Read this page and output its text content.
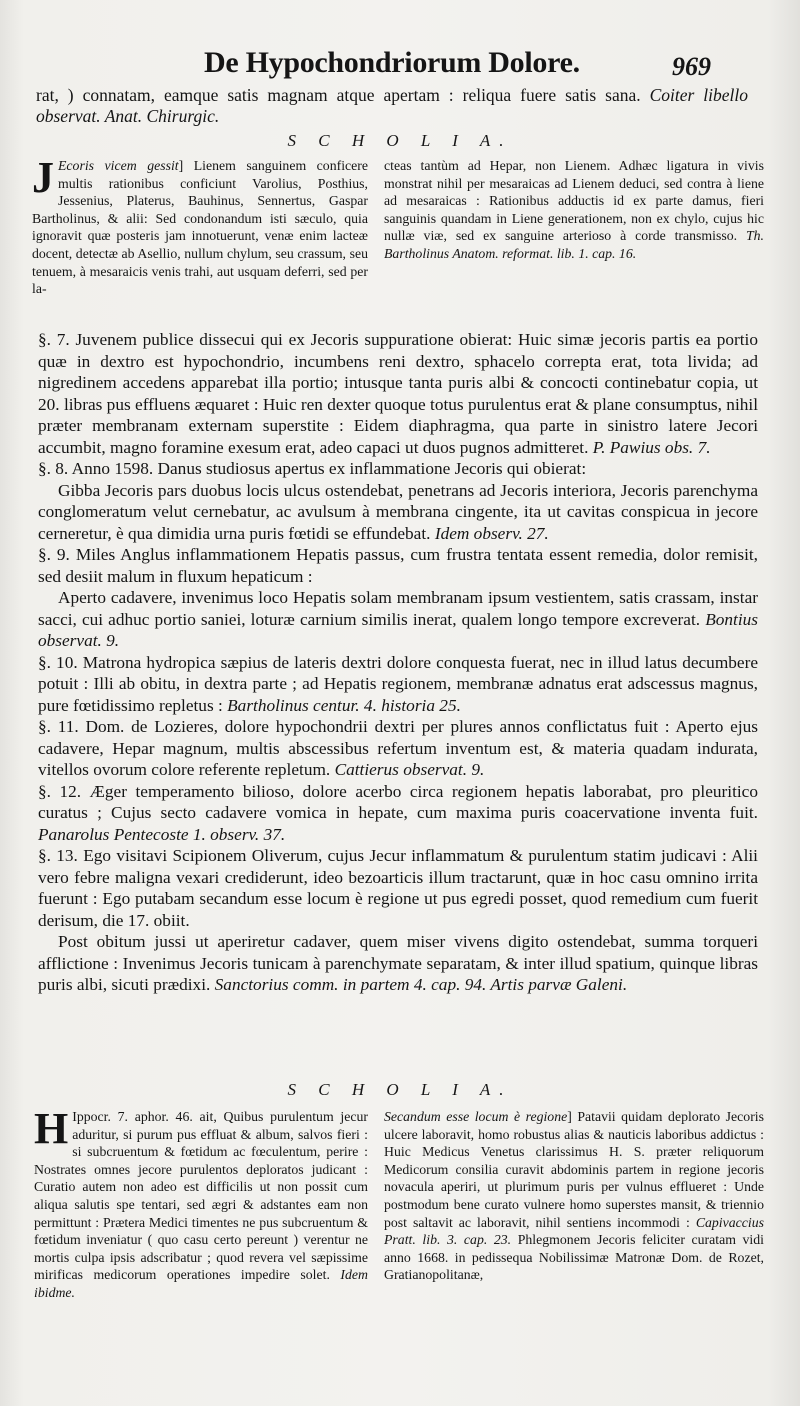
De Hypochondriorum Dolore.	969
rat, ) connatam, eamque satis magnam atque apertam : reliqua fuere satis sana. Coiter libello observat. Anat. Chirurgic.
S C H O L I A.

J Ecoris vicem gessit] Lienem sanguinem conficere multis rationibus conficiunt Varolius, Posthius, Jessenius, Platerus, Bauhinus, Sennertus, Gaspar Bartholinus, & alii: Sed condonandum isti sæculo, quia ignoravit quæ posteris jam innotuerunt, venæ enim lacteæ docent, detectæ ab Asellio, nullum chylum, seu crassum, seu tenuem, à mesaraicis venis trahi, aut usquam deferri, sed per la-

cteas tantùm ad Hepar, non Lienem. Adhæc ligatura in vivis monstrat nihil per mesaraicas ad Lienem deduci, sed contra à liene ad mesaraicas : Rationibus adductis id ex parte damus, fieri sanguinis quandam in Liene generationem, non ex chylo, cujus hic nullæ viæ, sed ex sanguine arterioso à corde transmisso. Th. Bartholinus Anatom. reformat. lib. 1. cap. 16.

§. 7. Juvenem publice dissecui qui ex Jecoris suppuratione obierat: Huic simæ jecoris partis ea portio quæ in dextro est hypochondrio, incumbens reni dextro, sphacelo correpta erat, tota livida; ad nigredinem accedens apparebat illa portio; intusque tanta puris albi & concocti continebatur copia, ut 20. libras pus effluens æquaret : Huic ren dexter quoque totus purulentus erat & plane consumptus, nihil præter membranam externam superstite : Eidem diaphragma, qua parte in sinistro latere Jecori accumbit, magno foramine exesum erat, adeo capaci ut duos pugnos admitteret. P. Pawius obs. 7.

§. 8. Anno 1598. Danus studiosus apertus ex inflammatione Jecoris qui obierat:

Gibba Jecoris pars duobus locis ulcus ostendebat, penetrans ad Jecoris interiora, Jecoris parenchyma conglomeratum velut cernebatur, ac avulsum à membrana cingente, ita ut cavitas conspicua in jecore cerneretur, è qua dimidia urna puris fœtidi se effundebat. Idem observ. 27.

§. 9. Miles Anglus inflammationem Hepatis passus, cum frustra tentata essent remedia, dolor remisit, sed desiit malum in fluxum hepaticum :

Aperto cadavere, invenimus loco Hepatis solam membranam ipsum vestientem, satis crassam, instar sacci, cui adhuc portio saniei, loturæ carnium similis inerat, qualem longo tempore excreverat. Bontius observat. 9.

§. 10. Matrona hydropica sæpius de lateris dextri dolore conquesta fuerat, nec in illud latus decumbere potuit : Illi ab obitu, in dextra parte ; ad Hepatis regionem, membranæ adnatus erat adscessus magnus, pure fœtidissimo repletus : Bartholinus centur. 4. historia 25.

§. 11. Dom. de Lozieres, dolore hypochondrii dextri per plures annos conflictatus fuit : Aperto ejus cadavere, Hepar magnum, multis abscessibus refertum inventum est, & materia quadam indurata, vitellos ovorum colore referente repletum. Cattierus observat. 9.

§. 12. Æger temperamento bilioso, dolore acerbo circa regionem hepatis laborabat, pro pleuritico curatus ; Cujus secto cadavere vomica in hepate, cum maxima puris coacervatione inventa fuit. Panarolus Pentecoste 1. observ. 37.

§. 13. Ego visitavi Scipionem Oliverum, cujus Jecur inflammatum & purulentum statim judicavi : Alii vero febre maligna vexari crediderunt, ideo bezoarticis illum tractarunt, quæ in hoc casu omnino irrita fuerunt : Ego putabam secandum esse locum è regione ut pus egredi posset, quod remedium cum fuerit derisum, die 17. obiit.

Post obitum jussi ut aperiretur cadaver, quem miser vivens digito ostendebat, summa torqueri afflictione : Invenimus Jecoris tunicam à parenchymate separatam, & inter illud spatium, quinque libras puris albi, sicuti prædixi. Sanctorius comm. in partem 4. cap. 94. Artis parvæ Galeni.

S C H O L I A.

H Ippocr. 7. aphor. 46. ait, Quibus purulentum jecur aduritur, si purum pus effluat & album, salvos fieri : si subcruentum & fœtidum ac fœculentum, perire : Nostrates omnes jecore purulentos deploratos judicant : Curatio autem non adeo est difficilis ut non possit cum aliqua salutis spe tentari, sed ægri & adstantes eam non permittunt : Prætera Medici timentes ne pus subcruentum & fœtidum inveniatur ( quo casu certo pereunt ) verentur ne mortis culpa ipsis adscribatur ; quod revera vel sæpissime mirificas medicorum operationes impedire solet. Idem ibidme.

Secandum esse locum è regione] Patavii quidam deplorato Jecoris ulcere laboravit, homo robustus alias & nauticis laboribus addictus : Huic Medicus Venetus clarissimus H. S. præter reliquorum Medicorum consilia curavit abdominis partem in regione jecoris novacula aperiri, ut plurimum puris per vulnus efflueret : Unde postmodum bene curato vulnere homo superstes mansit, & triennio post saltavit ac laboravit, nihil sentiens incommodi : Capivaccius Pratt. lib. 3. cap. 23. Phlegmonem Jecoris feliciter curatam vidi anno 1668. in pedissequa Nobilissimæ Matronæ Dom. de Rozet, Gratianopolitanæ,
